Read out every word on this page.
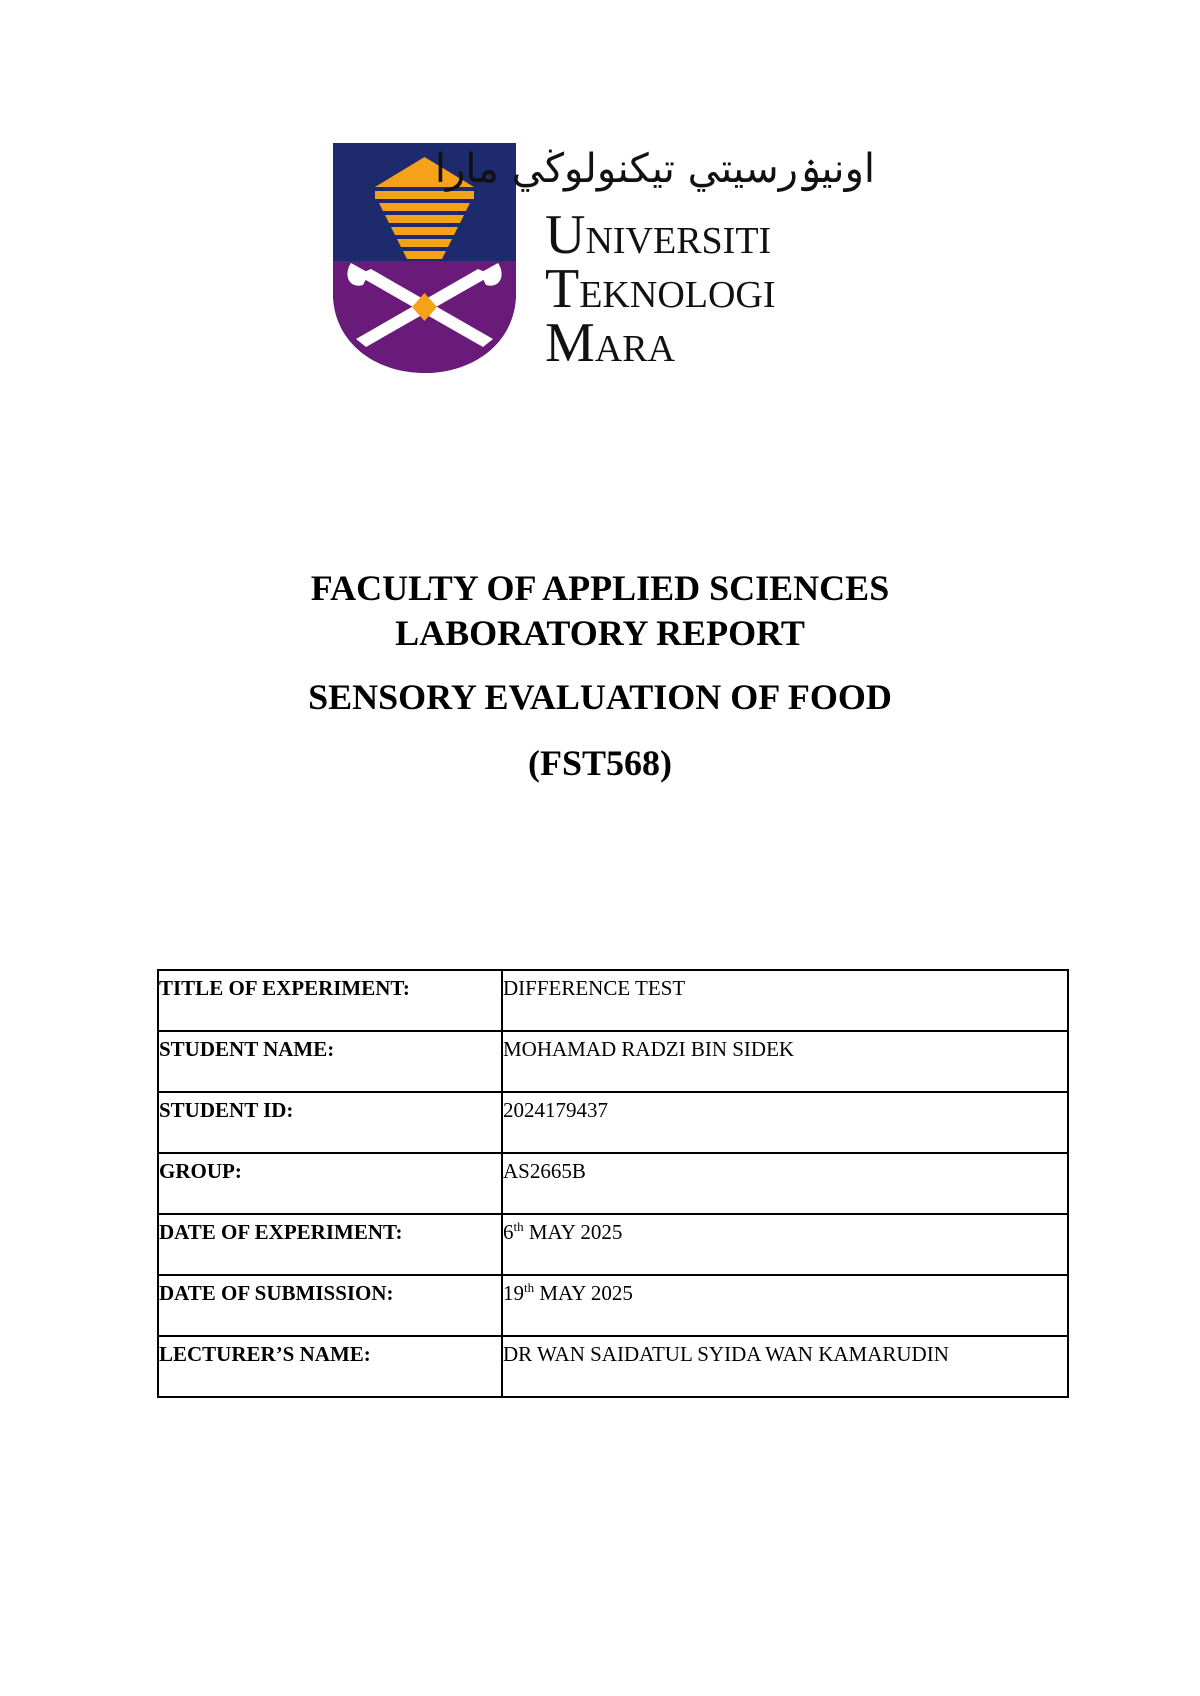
اونيۏرسيتي تيكنولوڬي مارا
UNIVERSITI
TEKNOLOGI
MARA
FACULTY OF APPLIED SCIENCES
LABORATORY REPORT
SENSORY EVALUATION OF FOOD
(FST568)
TITLE OF EXPERIMENT:	DIFFERENCE TEST
STUDENT NAME:	MOHAMAD RADZI BIN SIDEK
STUDENT ID:	2024179437
GROUP:	AS2665B
DATE OF EXPERIMENT:	6th MAY 2025
DATE OF SUBMISSION:	19th MAY 2025
LECTURER’S NAME:	DR WAN SAIDATUL SYIDA WAN KAMARUDIN
